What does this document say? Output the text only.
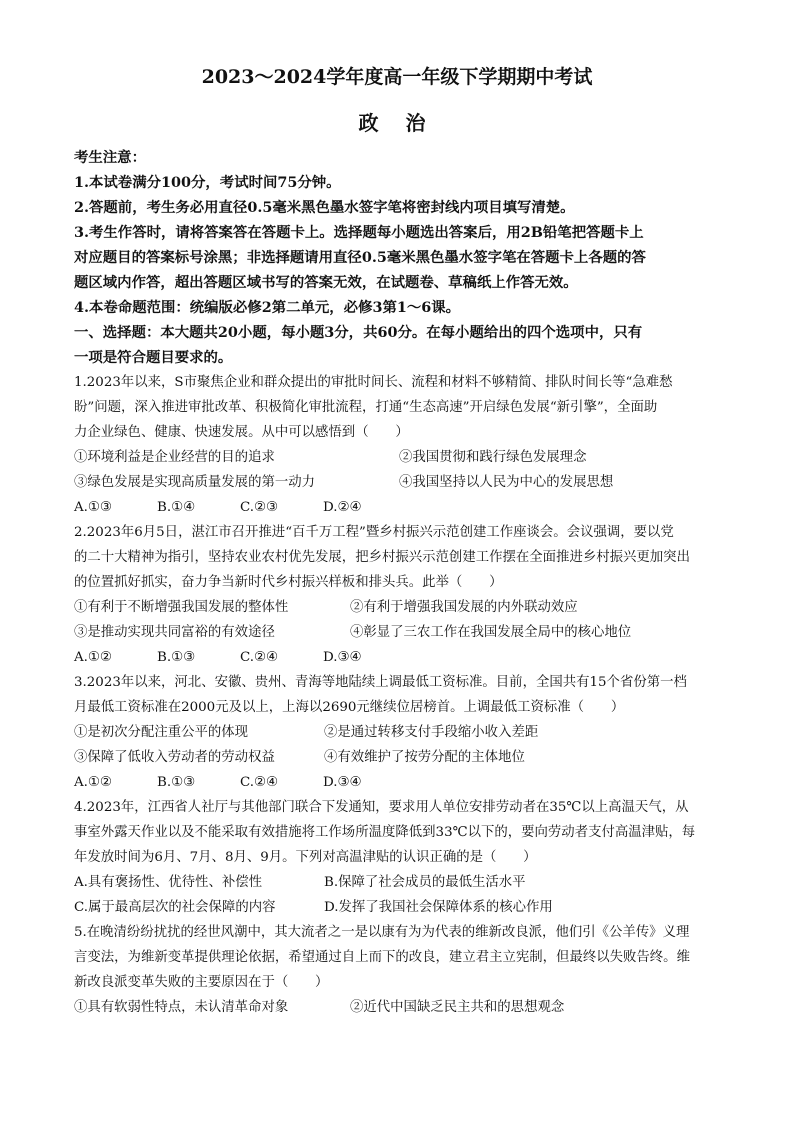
2023～2024学年度高一年级下学期期中考试
政 治
考生注意：
1.本试卷满分100分，考试时间75分钟。
2.答题前，考生务必用直径0.5毫米黑色墨水签字笔将密封线内项目填写清楚。
3.考生作答时，请将答案答在答题卡上。选择题每小题选出答案后，用2B铅笔把答题卡上
对应题目的答案标号涂黑；非选择题请用直径0.5毫米黑色墨水签字笔在答题卡上各题的答
题区域内作答，超出答题区域书写的答案无效，在试题卷、草稿纸上作答无效。
4.本卷命题范围：统编版必修2第二单元，必修3第1～6课。
一、选择题：本大题共20小题，每小题3分，共60分。在每小题给出的四个选项中，只有
一项是符合题目要求的。
1.2023年以来，S市聚焦企业和群众提出的审批时间长、流程和材料不够精简、排队时间长等“急难愁
盼”问题，深入推进审批改革、积极简化审批流程，打通“生态高速”开启绿色发展“新引擎”，全面助
力企业绿色、健康、快速发展。从中可以感悟到（　　）
①环境利益是企业经营的目的追求	②我国贯彻和践行绿色发展理念
③绿色发展是实现高质量发展的第一动力	④我国坚持以人民为中心的发展思想
A.①③	B.①④	C.②③	D.②④
2.2023年6月5日，湛江市召开推进“百千万工程”暨乡村振兴示范创建工作座谈会。会议强调，要以党
的二十大精神为指引，坚持农业农村优先发展，把乡村振兴示范创建工作摆在全面推进乡村振兴更加突出
的位置抓好抓实，奋力争当新时代乡村振兴样板和排头兵。此举（　　）
①有利于不断增强我国发展的整体性	②有利于增强我国发展的内外联动效应
③是推动实现共同富裕的有效途径	④彰显了三农工作在我国发展全局中的核心地位
A.①②	B.①③	C.②④	D.③④
3.2023年以来，河北、安徽、贵州、青海等地陆续上调最低工资标准。目前，全国共有15个省份第一档
月最低工资标准在2000元及以上，上海以2690元继续位居榜首。上调最低工资标准（　　）
①是初次分配注重公平的体现	②是通过转移支付手段缩小收入差距
③保障了低收入劳动者的劳动权益	④有效维护了按劳分配的主体地位
A.①②	B.①③	C.②④	D.③④
4.2023年，江西省人社厅与其他部门联合下发通知，要求用人单位安排劳动者在35℃以上高温天气，从
事室外露天作业以及不能采取有效措施将工作场所温度降低到33℃以下的，要向劳动者支付高温津贴，每
年发放时间为6月、7月、8月、9月。下列对高温津贴的认识正确的是（　　）
A.具有褒扬性、优待性、补偿性	B.保障了社会成员的最低生活水平
C.属于最高层次的社会保障的内容	D.发挥了我国社会保障体系的核心作用
5.在晚清纷纷扰扰的经世风潮中，其大流者之一是以康有为为代表的维新改良派，他们引《公羊传》义理
言变法，为维新变革提供理论依据，希望通过自上而下的改良，建立君主立宪制，但最终以失败告终。维
新改良派变革失败的主要原因在于（　　）
①具有软弱性特点，未认清革命对象	②近代中国缺乏民主共和的思想观念
